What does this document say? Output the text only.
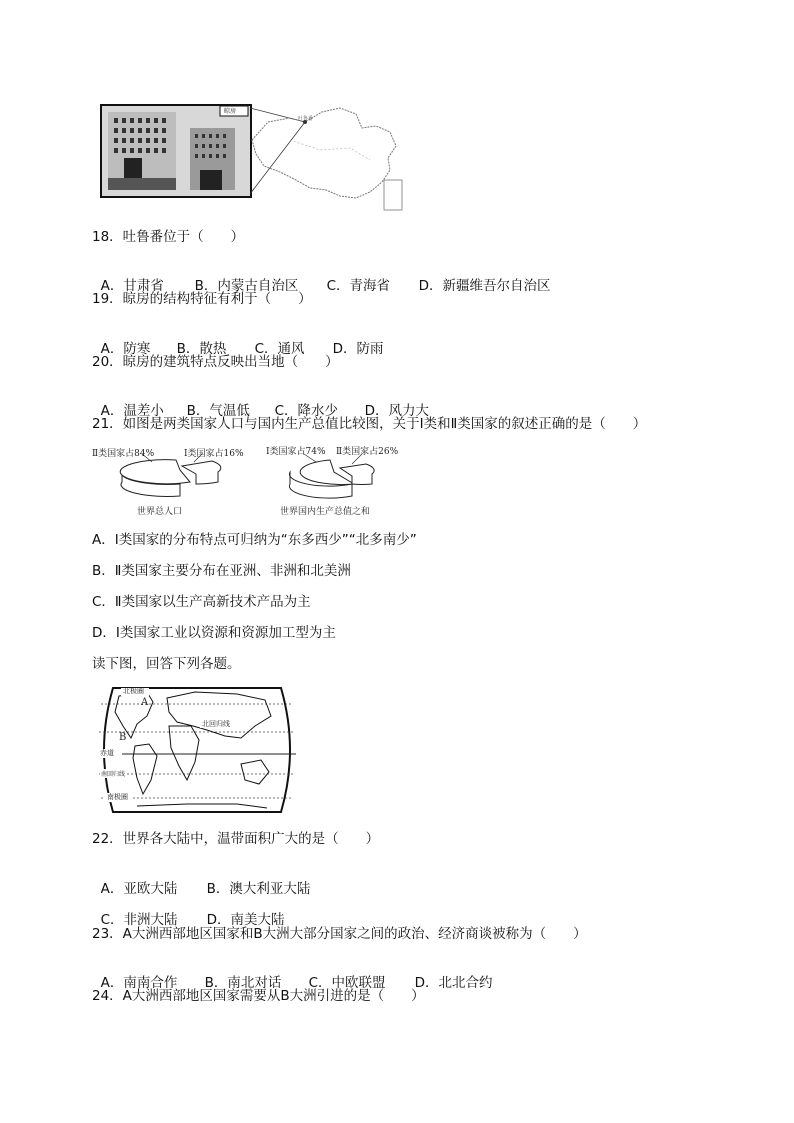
晾房
吐鲁番
18．吐鲁番位于（　　）

A．甘肃省 B．内蒙古自治区 C．青海省 D．新疆维吾尔自治区

19．晾房的结构特征有利于（　　）

A．防寒 B．散热 C．通风 D．防雨

20．晾房的建筑特点反映出当地（　　）

A．温差小 B．气温低 C．降水少 D．风力大

21．如图是两类国家人口与国内生产总值比较图，关于Ⅰ类和Ⅱ类国家的叙述正确的是（　　）
Ⅱ类国家占84%	Ⅰ类国家占16%
世界总人口
Ⅰ类国家占74% Ⅱ类国家占26%
世界国内生产总值之和
A．Ⅰ类国家的分布特点可归纳为“东多西少”“北多南少”
B．Ⅱ类国家主要分布在亚洲、非洲和北美洲
C．Ⅱ类国家以生产高新技术产品为主
D．Ⅰ类国家工业以资源和资源加工型为主
读下图，回答下列各题。
北极圈
北回归线
赤道
南回归线
南极圈
A
B
22．世界各大陆中，温带面积广大的是（　　）

A．亚欧大陆 B．澳大利亚大陆

C．非洲大陆 D．南美大陆

23．A大洲西部地区国家和B大洲大部分国家之间的政治、经济商谈被称为（　　）

A．南南合作 B．南北对话 C．中欧联盟 D．北北合约

24．A大洲西部地区国家需要从B大洲引进的是（　　）
